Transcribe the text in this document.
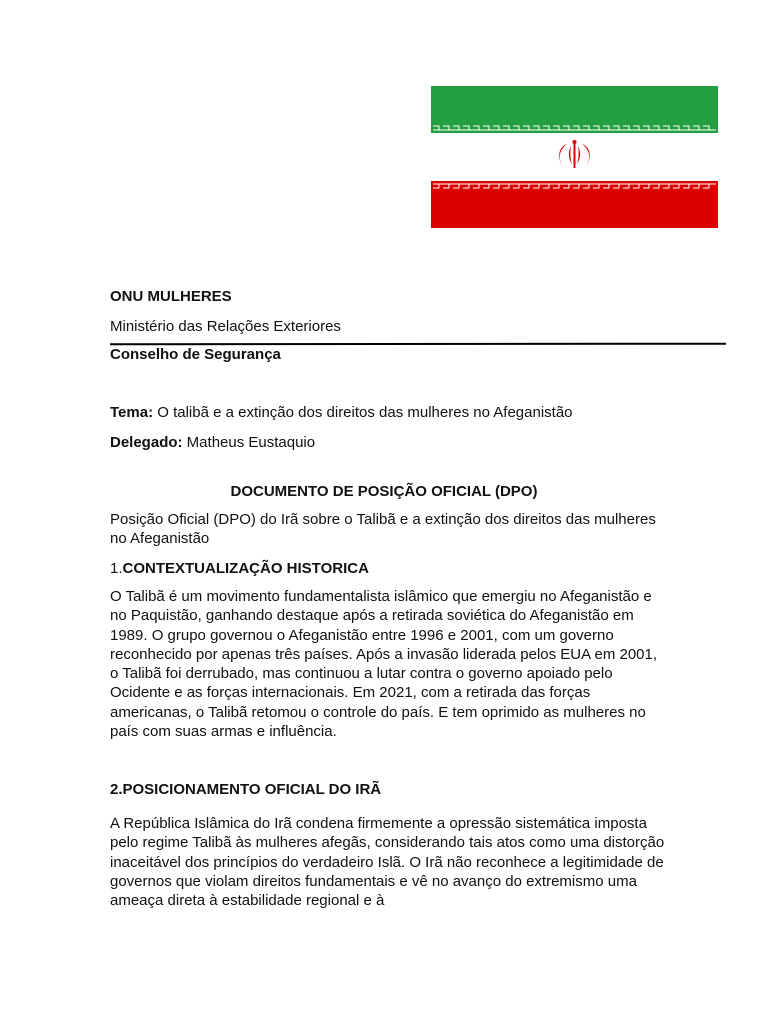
ONU MULHERES

Ministério das Relações Exteriores

Conselho de Segurança

Tema: O talibã e a extinção dos direitos das mulheres no Afeganistão

Delegado: Matheus Eustaquio

DOCUMENTO DE POSIÇÃO OFICIAL (DPO)

Posição Oficial (DPO) do Irã sobre o Talibã e a extinção dos direitos das mulheres no Afeganistão

1.CONTEXTUALIZAÇÃO HISTORICA

O Talibã é um movimento fundamentalista islâmico que emergiu no Afeganistão e no Paquistão, ganhando destaque após a retirada soviética do Afeganistão em 1989. O grupo governou o Afeganistão entre 1996 e 2001, com um governo reconhecido por apenas três países. Após a invasão liderada pelos EUA em 2001, o Talibã foi derrubado, mas continuou a lutar contra o governo apoiado pelo Ocidente e as forças internacionais. Em 2021, com a retirada das forças americanas, o Talibã retomou o controle do país. E tem oprimido as mulheres no país com suas armas e influência.

2.POSICIONAMENTO OFICIAL DO IRÃ

A República Islâmica do Irã condena firmemente a opressão sistemática imposta pelo regime Talibã às mulheres afegãs, considerando tais atos como uma distorção inaceitável dos princípios do verdadeiro Islã. O Irã não reconhece a legitimidade de governos que violam direitos fundamentais e vê no avanço do extremismo uma ameaça direta à estabilidade regional e à
